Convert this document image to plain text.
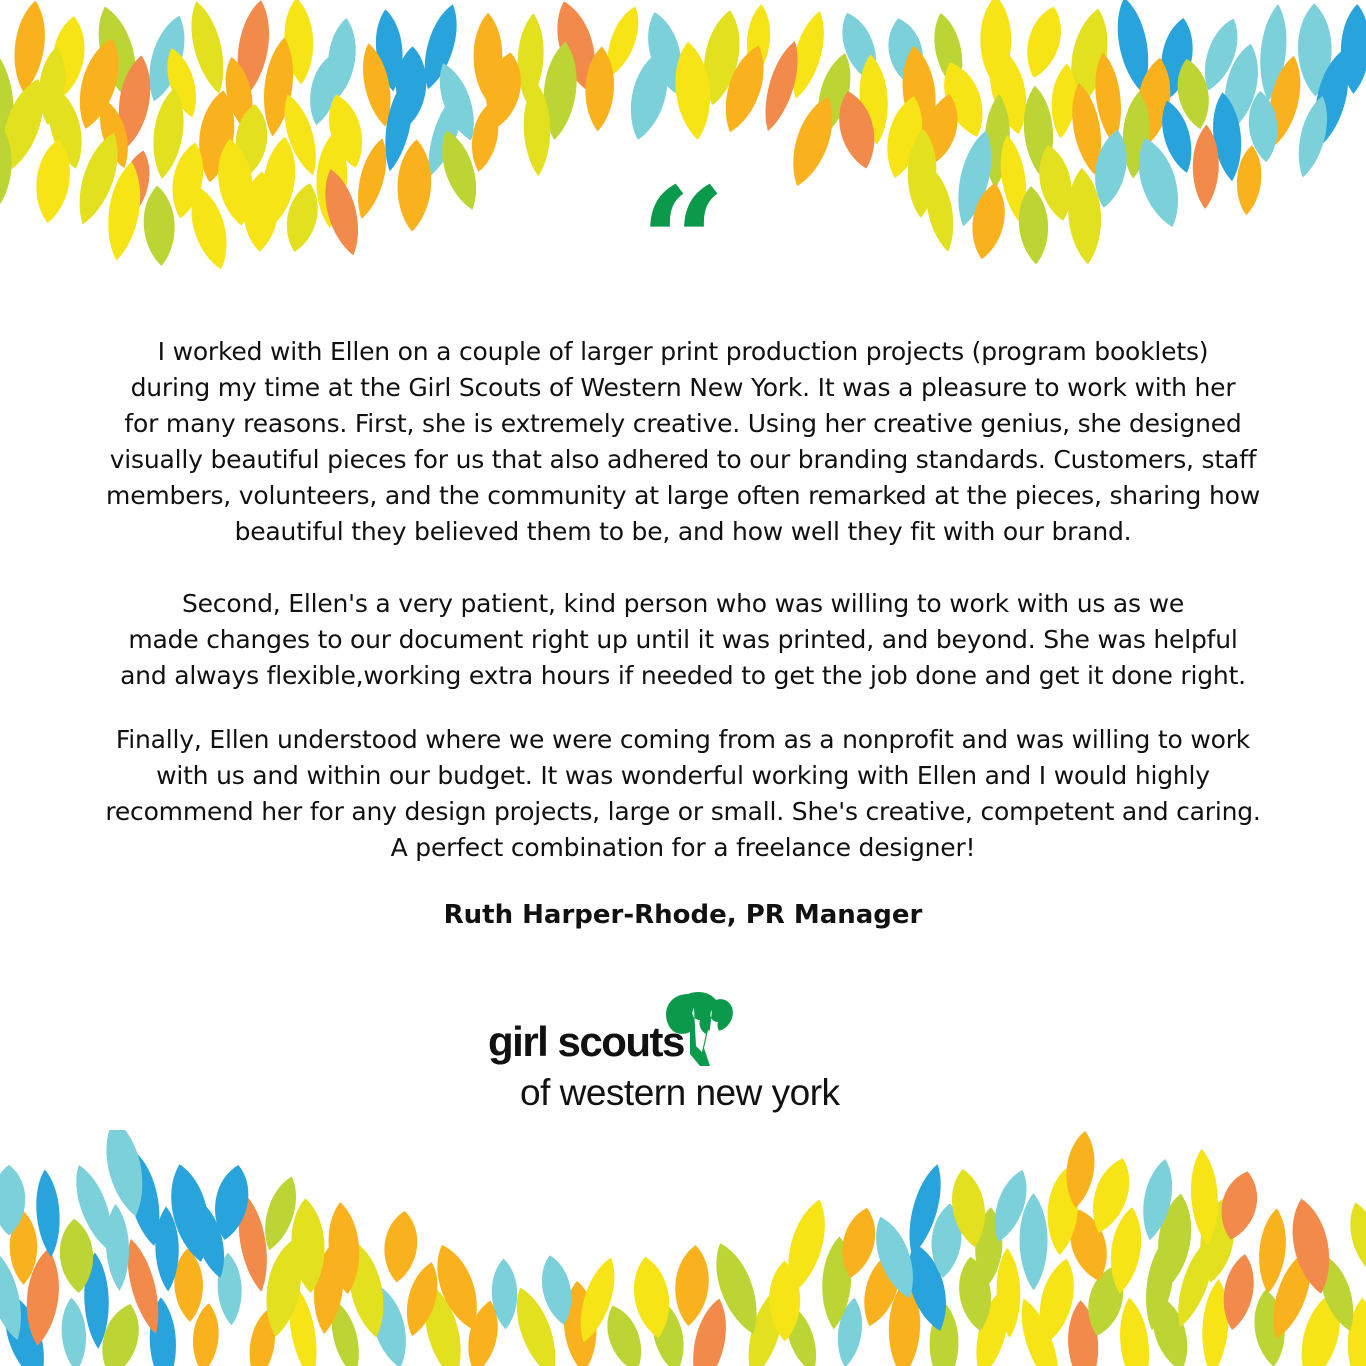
“

I worked with Ellen on a couple of larger print production projects (program booklets)
during my time at the Girl Scouts of Western New York. It was a pleasure to work with her
for many reasons. First, she is extremely creative. Using her creative genius, she designed
visually beautiful pieces for us that also adhered to our branding standards. Customers, staff
members, volunteers, and the community at large often remarked at the pieces, sharing how
beautiful they believed them to be, and how well they fit with our brand.

Second, Ellen's a very patient, kind person who was willing to work with us as we
made changes to our document right up until it was printed, and beyond. She was helpful
and always flexible,working extra hours if needed to get the job done and get it done right.

Finally, Ellen understood where we were coming from as a nonprofit and was willing to work
with us and within our budget. It was wonderful working with Ellen and I would highly
recommend her for any design projects, large or small. She's creative, competent and caring.
A perfect combination for a freelance designer!

Ruth Harper-Rhode, PR Manager
girl scouts
of western new york
